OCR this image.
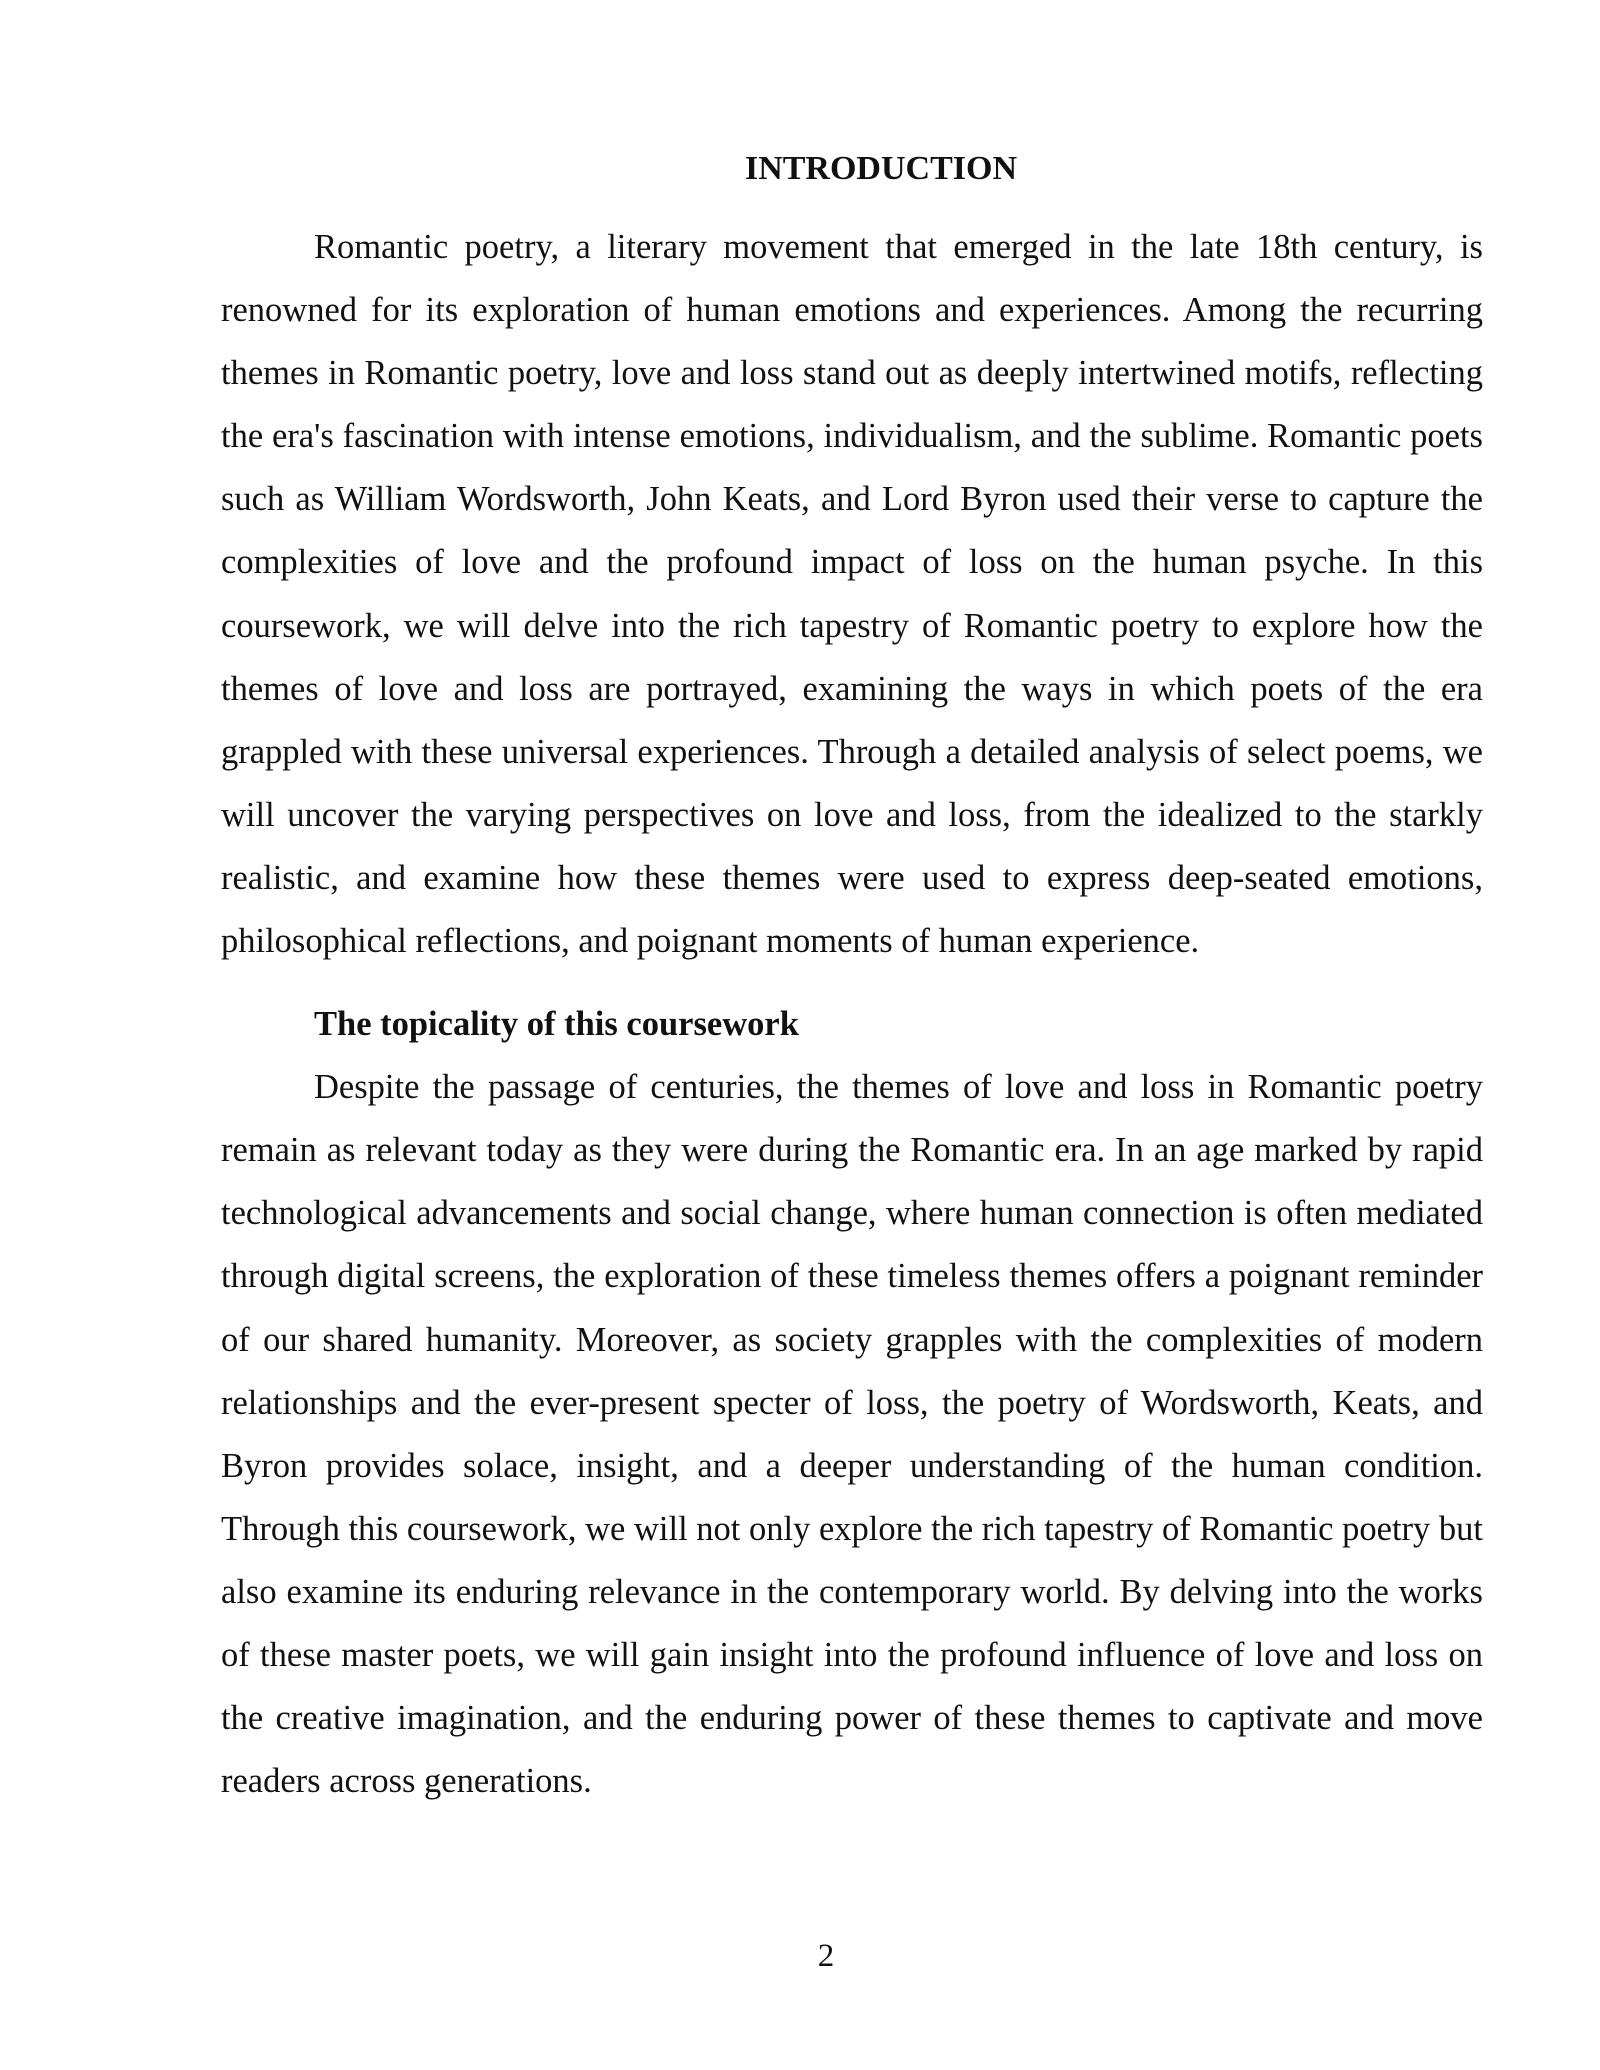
INTRODUCTION

Romantic poetry, a literary movement that emerged in the late 18th century, is renowned for its exploration of human emotions and experiences. Among the recurring themes in Romantic poetry, love and loss stand out as deeply intertwined motifs, reflecting the era's fascination with intense emotions, individualism, and the sublime. Romantic poets such as William Wordsworth, John Keats, and Lord Byron used their verse to capture the complexities of love and the profound impact of loss on the human psyche. In this coursework, we will delve into the rich tapestry of Romantic poetry to explore how the themes of love and loss are portrayed, examining the ways in which poets of the era grappled with these universal experiences. Through a detailed analysis of select poems, we will uncover the varying perspectives on love and loss, from the idealized to the starkly realistic, and examine how these themes were used to express deep-seated emotions, philosophical reflections, and poignant moments of human experience.

The topicality of this coursework

Despite the passage of centuries, the themes of love and loss in Romantic poetry remain as relevant today as they were during the Romantic era. In an age marked by rapid technological advancements and social change, where human connection is often mediated through digital screens, the exploration of these timeless themes offers a poignant reminder of our shared humanity. Moreover, as society grapples with the complexities of modern relationships and the ever-present specter of loss, the poetry of Wordsworth, Keats, and Byron provides solace, insight, and a deeper understanding of the human condition. Through this coursework, we will not only explore the rich tapestry of Romantic poetry but also examine its enduring relevance in the contemporary world. By delving into the works of these master poets, we will gain insight into the profound influence of love and loss on the creative imagination, and the enduring power of these themes to captivate and move readers across generations.

2
